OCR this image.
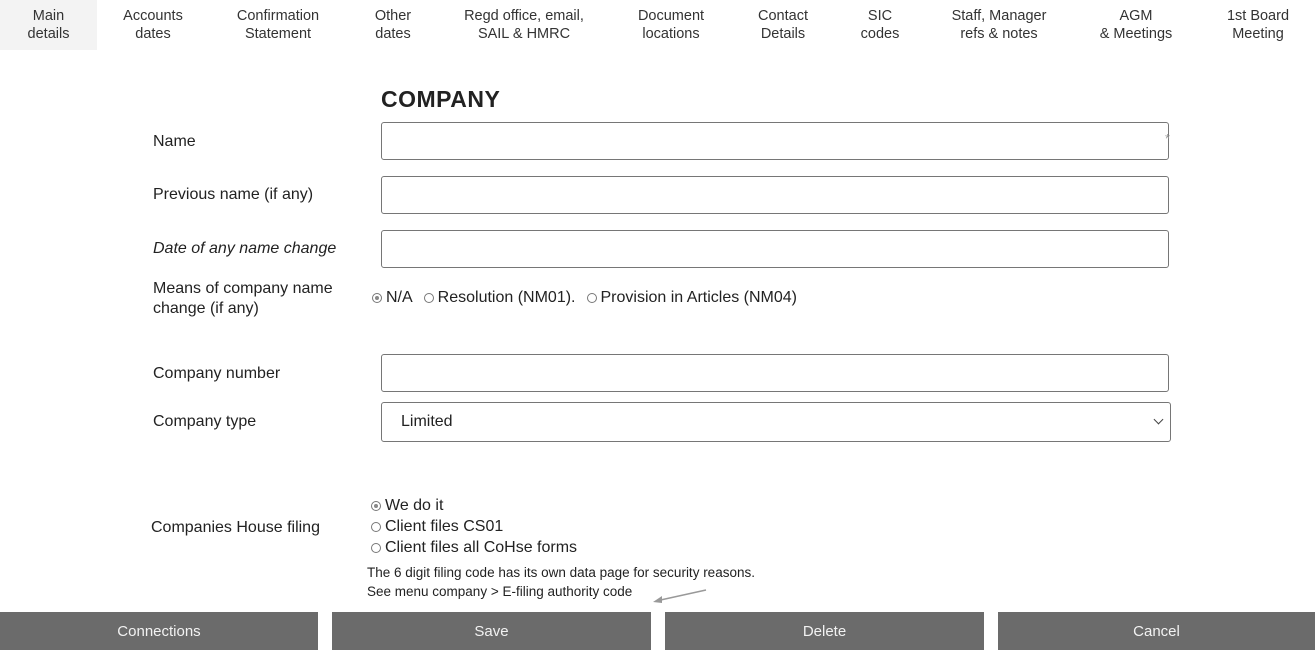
Main
details
Accounts
dates
Confirmation
Statement
Other
dates
Regd office, email,
SAIL & HMRC
Document
locations
Contact
Details
SIC
codes
Staff, Manager
refs & notes
AGM
& Meetings
1st Board
Meeting
COMPANY
Name	*
Previous name (if any)
Date of any name change
Means of company name
change (if any)
N/A Resolution (NM01). Provision in Articles (NM04)
Company number
Company type	Limited
Companies House filing
We do it
Client files CS01
Client files all CoHse forms
The 6 digit filing code has its own data page for security reasons.
See menu company > E-filing authority code
Connections	Save	Delete	Cancel
